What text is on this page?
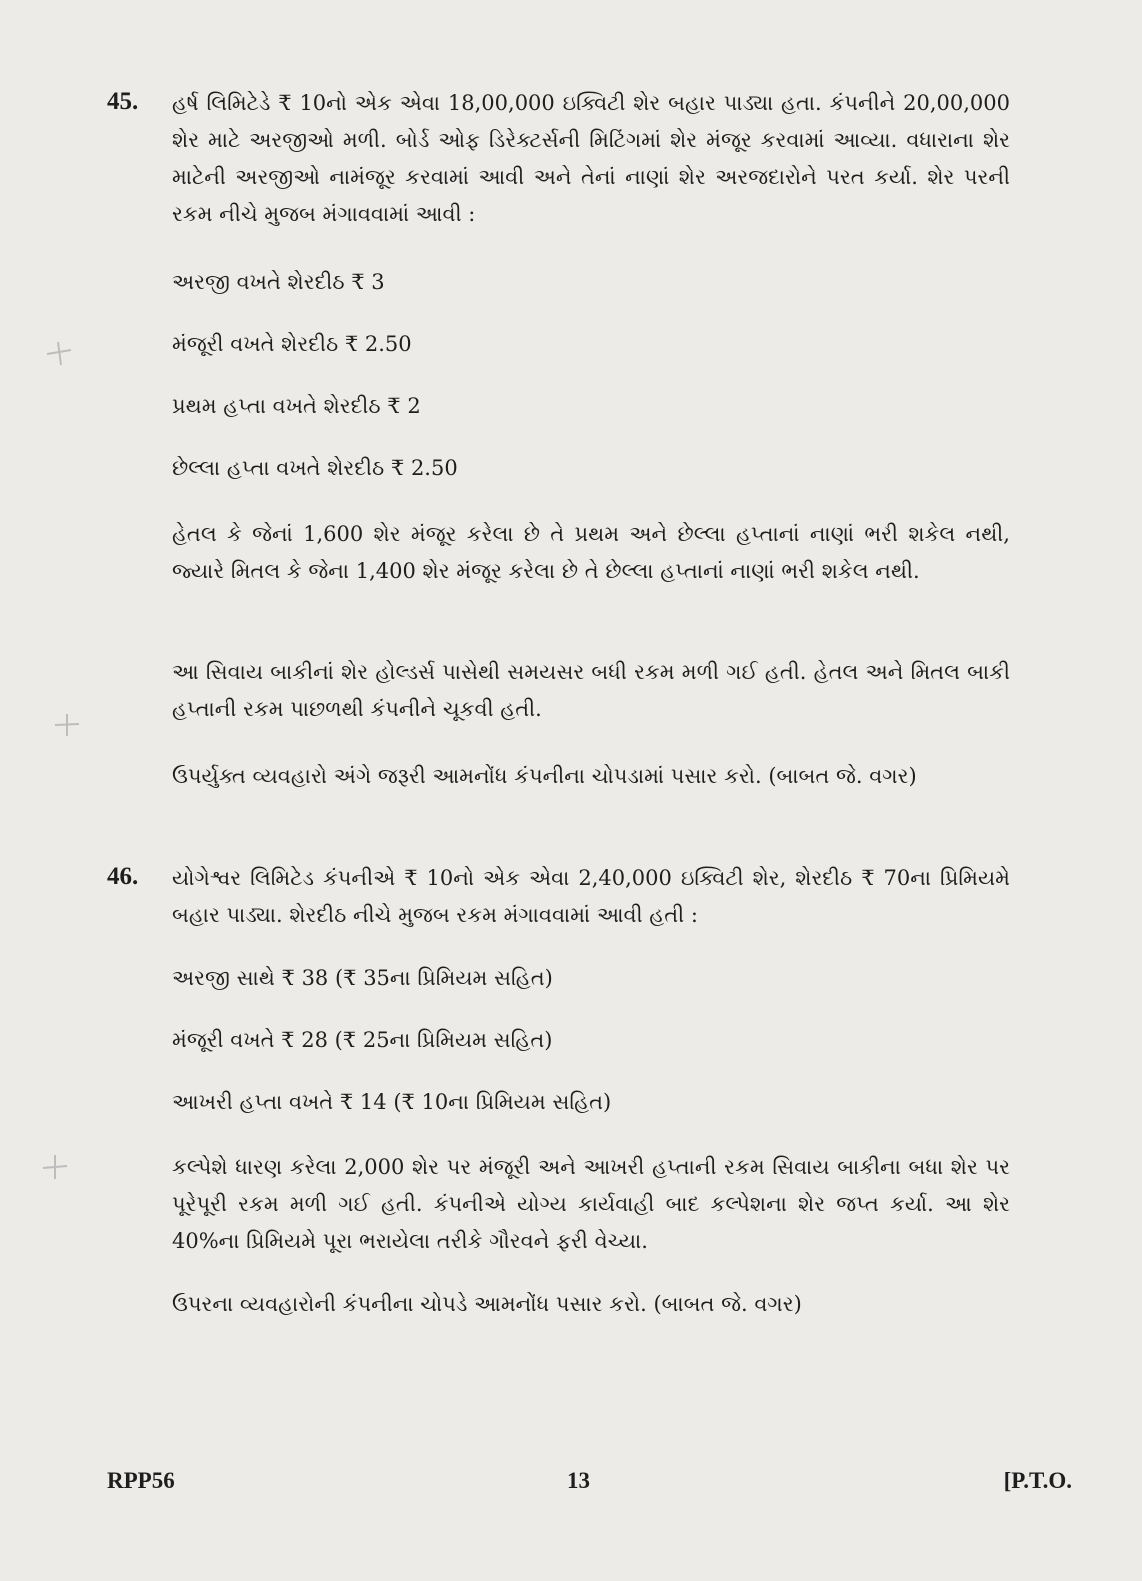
45. હર્ષ લિમિટેડે ₹ 10નો એક એવા 18,00,000 ઇક્વિટી શેર બહાર પાડ્યા હતા. કંપનીને 20,00,000 શેર માટે અરજીઓ મળી. બોર્ડ ઓફ ડિરેક્ટર્સની મિટિંગમાં શેર મંજૂર કરવામાં આવ્યા. વધારાના શેર માટેની અરજીઓ નામંજૂર કરવામાં આવી અને તેનાં નાણાં શેર અરજદારોને પરત કર્યા. શેર પરની રકમ નીચે મુજબ મંગાવવામાં આવી :

અરજી વખતે શેરદીઠ ₹ 3

મંજૂરી વખતે શેરદીઠ ₹ 2.50

પ્રથમ હપ્તા વખતે શેરદીઠ ₹ 2

છેલ્લા હપ્તા વખતે શેરદીઠ ₹ 2.50

હેતલ કે જેનાં 1,600 શેર મંજૂર કરેલા છે તે પ્રથમ અને છેલ્લા હપ્તાનાં નાણાં ભરી શકેલ નથી, જ્યારે મિતલ કે જેના 1,400 શેર મંજૂર કરેલા છે તે છેલ્લા હપ્તાનાં નાણાં ભરી શકેલ નથી.

આ સિવાય બાકીનાં શેર હોલ્ડર્સ પાસેથી સમયસર બધી રકમ મળી ગઈ હતી. હેતલ અને મિતલ બાકી હપ્તાની રકમ પાછળથી કંપનીને ચૂકવી હતી.

ઉપર્યુક્ત વ્યવહારો અંગે જરૂરી આમનોંધ કંપનીના ચોપડામાં પસાર કરો. (બાબત જે. વગર)

46. યોગેશ્વર લિમિટેડ કંપનીએ ₹ 10નો એક એવા 2,40,000 ઇક્વિટી શેર, શેરદીઠ ₹ 70ના પ્રિમિયમે બહાર પાડ્યા. શેરદીઠ નીચે મુજબ રકમ મંગાવવામાં આવી હતી :

અરજી સાથે ₹ 38 (₹ 35ના પ્રિમિયમ સહિત)

મંજૂરી વખતે ₹ 28 (₹ 25ના પ્રિમિયમ સહિત)

આખરી હપ્તા વખતે ₹ 14 (₹ 10ના પ્રિમિયમ સહિત)

કલ્પેશે ધારણ કરેલા 2,000 શેર પર મંજૂરી અને આખરી હપ્તાની રકમ સિવાય બાકીના બધા શેર પર પૂરેપૂરી રકમ મળી ગઈ હતી. કંપનીએ યોગ્ય કાર્યવાહી બાદ કલ્પેશના શેર જપ્ત કર્યા. આ શેર 40%ના પ્રિમિયમે પૂરા ભરાયેલા તરીકે ગૌરવને ફરી વેચ્યા.

ઉપરના વ્યવહારોની કંપનીના ચોપડે આમનોંધ પસાર કરો. (બાબત જે. વગર)

RPP56	13	[P.T.O.
